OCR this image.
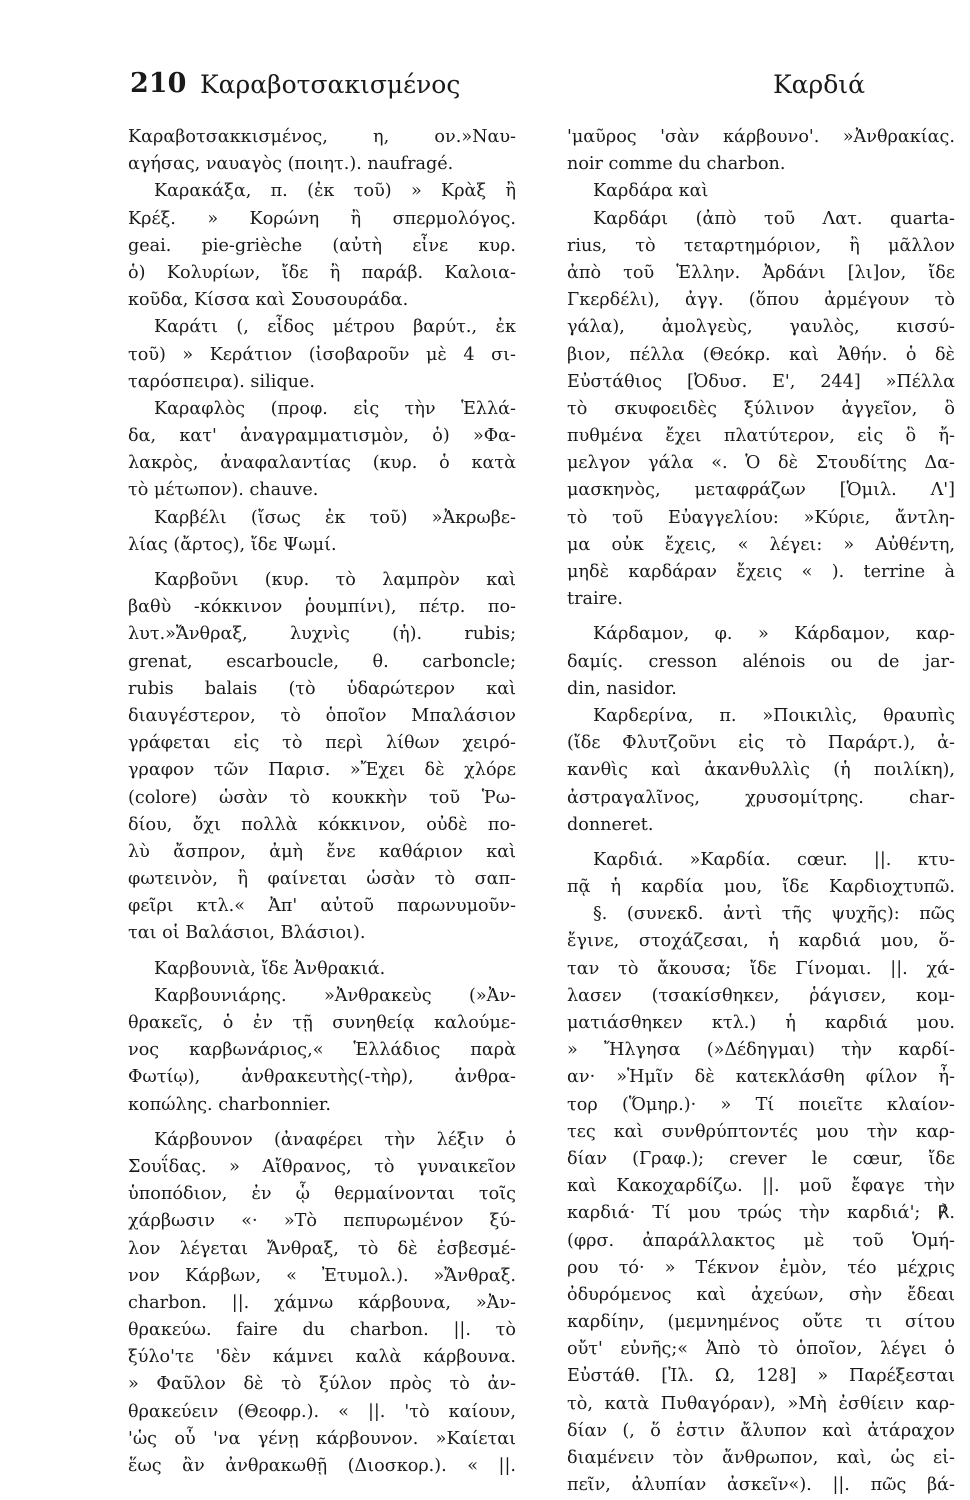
210 Καραβοτσακισμένος	Καρδιά
Καραβοτσακκισμένος, η, ον.»Ναυ-
αγήσας, ναυαγὸς (ποιητ.). naufragé.
Καρακάξα, π. (ἐκ τοῦ) » Κρὰξ ἢ
Κρέξ. » Κορώνη ἢ σπερμολόγος.
geai. pie-grièche (αὐτὴ εἶνε κυρ.
ὁ) Κολυρίων, ἴδε ἢ παράβ. Καλοια-
κοῦδα, Κίσσα καὶ Σουσουράδα.
Καράτι (, εἶδος μέτρου βαρύτ., ἐκ
τοῦ) » Κεράτιον (ἰσοβαροῦν μὲ 4 σι-
ταρόσπειρα). silique.
Καραφλὸς (προφ. εἰς τὴν Ἑλλά-
δα, κατ' ἀναγραμματισμὸν, ὁ) »Φα-
λακρὸς, ἀναφαλαντίας (κυρ. ὁ κατὰ
τὸ μέτωπον). chauve.
Καρβέλι (ἴσως ἐκ τοῦ) »Ἀκρωβε-
λίας (ἄρτος), ἴδε Ψωμί.
Καρβοῦνι (κυρ. τὸ λαμπρὸν καὶ
βαθὺ -κόκκινον ῥουμπίνι), πέτρ. πο-
λυτ.»Ἄνθραξ, λυχνὶς (ἡ). rubis;
grenat, escarboucle, θ. carboncle;
rubis balais (τὸ ὑδαρώτερον καὶ
διαυγέστερον, τὸ ὁποῖον Μπαλάσιον
γράφεται εἰς τὸ περὶ λίθων χειρό-
γραφον τῶν Παρισ. »Ἔχει δὲ χλόρε
(colore) ὡσὰν τὸ κουκκὴν τοῦ Ῥω-
δίου, ὄχι πολλὰ κόκκινον, οὐδὲ πο-
λὺ ἄσπρον, ἀμὴ ἔνε καθάριον καὶ
φωτεινὸν, ἢ φαίνεται ὡσὰν τὸ σαπ-
φεῖρι κτλ.« Ἀπ' αὐτοῦ παρωνυμοῦν-
ται οἱ Βαλάσιοι, Βλάσιοι).
Καρβουνιὰ, ἴδε Ἀνθρακιά.
Καρβουνιάρης. »Ἀνθρακεὺς (»Ἀν-
θρακεῖς, ὁ ἐν τῇ συνηθείᾳ καλούμε-
νος καρβωνάριος,« Ἑλλάδιος παρὰ
Φωτίῳ), ἀνθρακευτὴς(-τὴρ), ἀνθρα-
κοπώλης. charbonnier.
Κάρβουνον (ἀναφέρει τὴν λέξιν ὁ
Σουΐδας. » Αἴθρανος, τὸ γυναικεῖον
ὑποπόδιον, ἐν ᾧ θερμαίνονται τοῖς
χάρβωσιν «· »Τὸ πεπυρωμένον ξύ-
λον λέγεται Ἄνθραξ, τὸ δὲ ἐσβεσμέ-
νον Κάρβων, « Ἐτυμολ.). »Ἄνθραξ.
charbon. ||. χάμνω κάρβουνα, »Ἀν-
θρακεύω. faire du charbon. ||. τὸ
ξύλο'τε 'δὲν κάμνει καλὰ κάρβουνα.
» Φαῦλον δὲ τὸ ξύλον πρὸς τὸ ἀν-
θρακεύειν (Θεοφρ.). « ||. 'τὸ καίουν,
'ὡς οὗ 'να γένῃ κάρβουνον. »Καίεται
ἕως ἂν ἀνθρακωθῇ (Διοσκορ.). « ||.
'μαῦρος 'σὰν κάρβουνο'. »Ἀνθρακίας.
noir comme du charbon.
Καρδάρα καὶ
Καρδάρι (ἀπὸ τοῦ Λατ. quarta-
rius, τὸ τεταρτημόριον, ἢ μᾶλλον
ἀπὸ τοῦ Ἑλλην. Ἀρδάνι [λι]ον, ἴδε
Γκερδέλι), ἀγγ. (ὅπου ἀρμέγουν τὸ
γάλα), ἀμολγεὺς, γαυλὸς, κισσύ-
βιον, πέλλα (Θεόκρ. καὶ Ἀθήν. ὁ δὲ
Εὐστάθιος [Ὀδυσ. Ε', 244] »Πέλλα
τὸ σκυφοειδὲς ξύλινον ἀγγεῖον, ὃ
πυθμένα ἔχει πλατύτερον, εἰς ὃ ἤ-
μελγον γάλα «. Ὁ δὲ Στουδίτης Δα-
μασκηνὸς, μεταφράζων [Ὁμιλ. Λ']
τὸ τοῦ Εὐαγγελίου: »Κύριε, ἄντλη-
μα οὐκ ἔχεις, « λέγει: » Αὐθέντη,
μηδὲ καρδάραν ἔχεις « ). terrine à
traire.
Κάρδαμον, φ. » Κάρδαμον, καρ-
δαμίς. cresson alénois ou de jar-
din, nasidor.
Καρδερίνα, π. »Ποικιλὶς, θραυπὶς
(ἴδε Φλυτζοῦνι εἰς τὸ Παράρτ.), ἀ-
κανθὶς καὶ ἀκανθυλλὶς (ἡ ποιλίκη),
ἀστραγαλῖνος, χρυσομίτρης. char-
donneret.
Καρδιά. »Καρδία. cœur. ||. κτυ-
πᾷ ἡ καρδία μου, ἴδε Καρδιοχτυπῶ.
§. (συνεκδ. ἀντὶ τῆς ψυχῆς): πῶς
ἔγινε, στοχάζεσαι, ἡ καρδιά μου, ὅ-
ταν τὸ ἄκουσα; ἴδε Γίνομαι. ||. χά-
λασεν (τσακίσθηκεν, ῥάγισεν, κομ-
ματιάσθηκεν κτλ.) ἡ καρδιά μου.
» Ἤλγησα (»Δέδηγμαι) τὴν καρδί-
αν· »Ἡμῖν δὲ κατεκλάσθη φίλον ἦ-
τορ (Ὅμηρ.)· » Τί ποιεῖτε κλαίον-
τες καὶ συνθρύπτοντές μου τὴν καρ-
δίαν (Γραφ.); crever le cœur, ἴδε
καὶ Κακοχαρδίζω. ||. μοῦ ἔφαγε τὴν
καρδιά· Τί μου τρώς τὴν καρδιά'; ℟.
(φρσ. ἀπαράλλακτος μὲ τοῦ Ὁμή-
ρου τό· » Τέκνον ἐμὸν, τέο μέχρις
ὀδυρόμενος καὶ ἀχεύων, σὴν ἔδεαι
καρδίην, (μεμνημένος οὔτε τι σίτου
οὔτ' εὐνῆς;« Ἀπὸ τὸ ὁποῖον, λέγει ὁ
Εὐστάθ. [Ἰλ. Ω, 128] » Παρέξεσται
τὸ, κατὰ Πυθαγόραν), »Μὴ ἐσθίειν καρ-
δίαν (, ὅ ἐστιν ἄλυπον καὶ ἀτάραχον
διαμένειν τὸν ἄνθρωπον, καὶ, ὡς εἰ-
πεῖν, ἀλυπίαν ἀσκεῖν«). ||. πῶς βά-
